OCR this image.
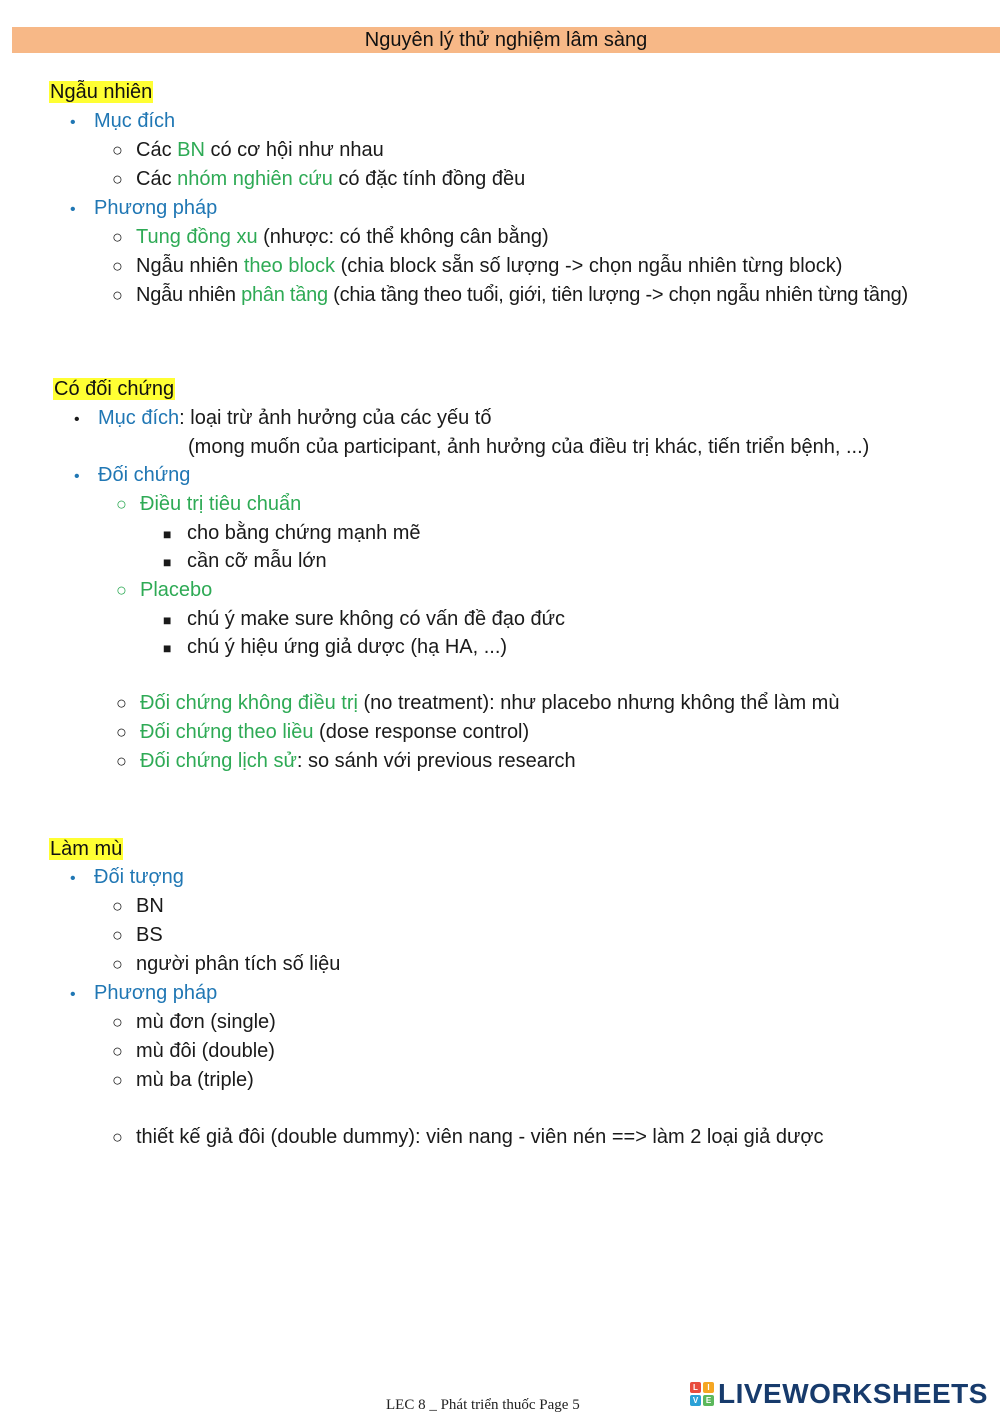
Nguyên lý thử nghiệm lâm sàng
Ngẫu nhiên
• Mục đích
○ Các BN có cơ hội như nhau
○ Các nhóm nghiên cứu có đặc tính đồng đều
• Phương pháp
○ Tung đồng xu (nhược: có thể không cân bằng)
○ Ngẫu nhiên theo block (chia block sẵn số lượng -> chọn ngẫu nhiên từng block)
○ Ngẫu nhiên phân tầng (chia tầng theo tuổi, giới, tiên lượng -> chọn ngẫu nhiên từng tầng)
Có đối chứng
• Mục đích: loại trừ ảnh hưởng của các yếu tố
(mong muốn của participant, ảnh hưởng của điều trị khác, tiến triển bệnh, ...)
• Đối chứng
○ Điều trị tiêu chuẩn
■ cho bằng chứng mạnh mẽ
■ cần cỡ mẫu lớn
○ Placebo
■ chú ý make sure không có vấn đề đạo đức
■ chú ý hiệu ứng giả dược (hạ HA, ...)
○ Đối chứng không điều trị (no treatment): như placebo nhưng không thể làm mù
○ Đối chứng theo liều (dose response control)
○ Đối chứng lịch sử: so sánh với previous research
Làm mù
• Đối tượng
○ BN
○ BS
○ người phân tích số liệu
• Phương pháp
○ mù đơn (single)
○ mù đôi (double)
○ mù ba (triple)
○ thiết kế giả đôi (double dummy): viên nang - viên nén ==> làm 2 loại giả dược
LEC 8 _ Phát triển thuốc Page 5
L	I
V E LIVEWORKSHEETS
